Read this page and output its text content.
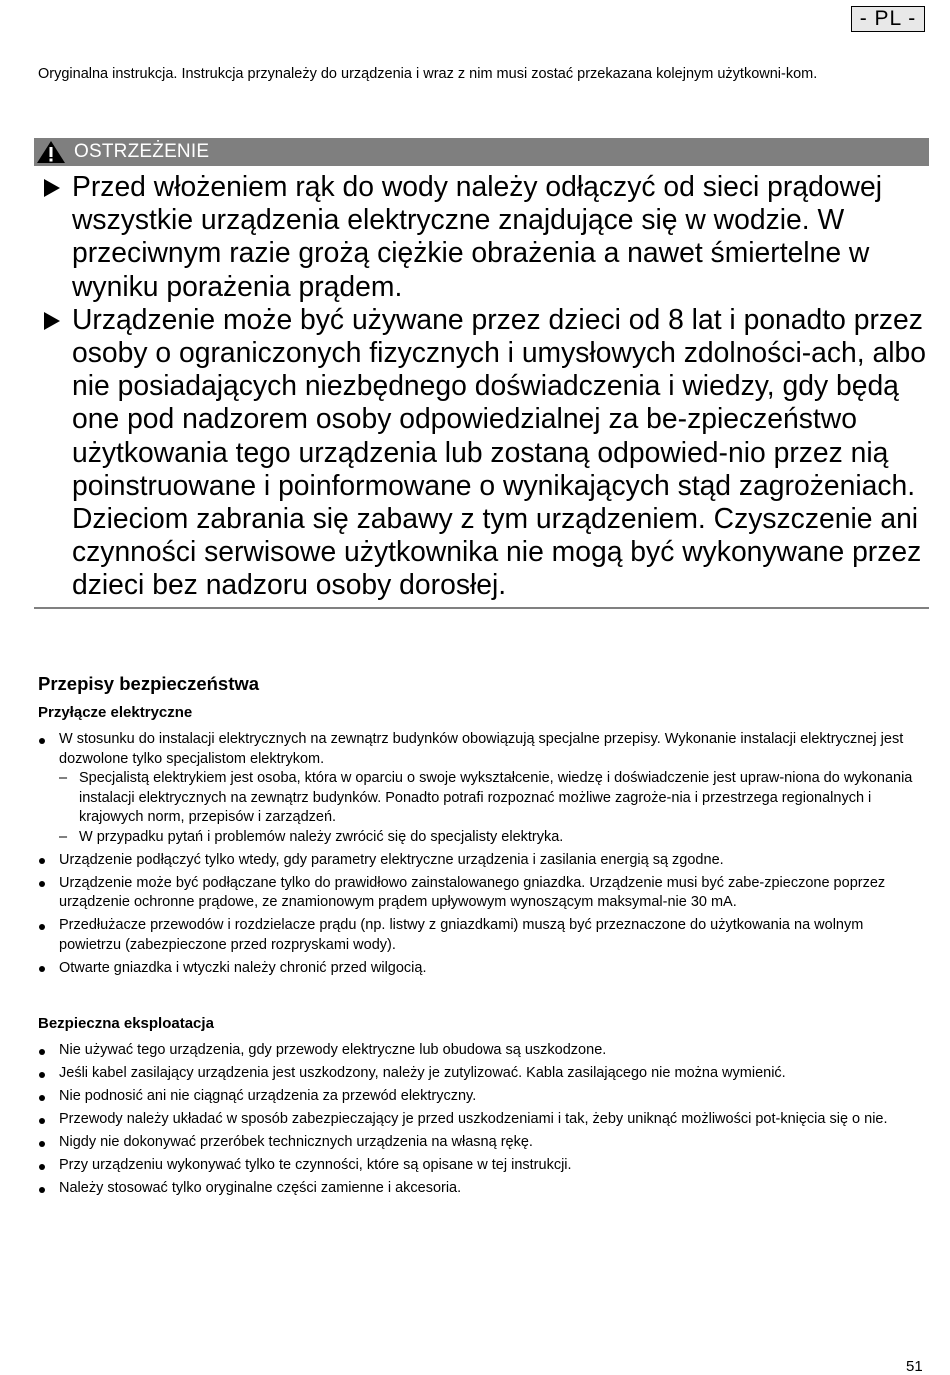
- PL -
Oryginalna instrukcja. Instrukcja przynależy do urządzenia i wraz z nim musi zostać przekazana kolejnym użytkowni-kom.
OSTRZEŻENIE
Przed włożeniem rąk do wody należy odłączyć od sieci prądowej wszystkie urządzenia elektryczne znajdujące się w wodzie. W przeciwnym razie grożą ciężkie obrażenia a nawet śmiertelne w wyniku porażenia prądem.
Urządzenie może być używane przez dzieci od 8 lat i ponadto przez osoby o ograniczonych fizycznych i umysłowych zdolności-ach, albo nie posiadających niezbędnego doświadczenia i wiedzy, gdy będą one pod nadzorem osoby odpowiedzialnej za be-zpieczeństwo użytkowania tego urządzenia lub zostaną odpowied-nio przez nią poinstruowane i poinformowane o wynikających stąd zagrożeniach. Dzieciom zabrania się zabawy z tym urządzeniem. Czyszczenie ani czynności serwisowe użytkownika nie mogą być wykonywane przez dzieci bez nadzoru osoby dorosłej.
Przepisy bezpieczeństwa
Przyłącze elektryczne
W stosunku do instalacji elektrycznych na zewnątrz budynków obowiązują specjalne przepisy. Wykonanie instalacji elektrycznej jest dozwolone tylko specjalistom elektrykom.
– Specjalistą elektrykiem jest osoba, która w oparciu o swoje wykształcenie, wiedzę i doświadczenie jest upraw-niona do wykonania instalacji elektrycznych na zewnątrz budynków. Ponadto potrafi rozpoznać możliwe zagroże-nia i przestrzega regionalnych i krajowych norm, przepisów i zarządzeń.
– W przypadku pytań i problemów należy zwrócić się do specjalisty elektryka.
Urządzenie podłączyć tylko wtedy, gdy parametry elektryczne urządzenia i zasilania energią są zgodne.
Urządzenie może być podłączane tylko do prawidłowo zainstalowanego gniazdka. Urządzenie musi być zabe-zpieczone poprzez urządzenie ochronne prądowe, ze znamionowym prądem upływowym wynoszącym maksymal-nie 30 mA.
Przedłużacze przewodów i rozdzielacze prądu (np. listwy z gniazdkami) muszą być przeznaczone do użytkowania na wolnym powietrzu (zabezpieczone przed rozpryskami wody).
Otwarte gniazdka i wtyczki należy chronić przed wilgocią.
Bezpieczna eksploatacja
Nie używać tego urządzenia, gdy przewody elektryczne lub obudowa są uszkodzone.
Jeśli kabel zasilający urządzenia jest uszkodzony, należy je zutylizować. Kabla zasilającego nie można wymienić.
Nie podnosić ani nie ciągnąć urządzenia za przewód elektryczny.
Przewody należy układać w sposób zabezpieczający je przed uszkodzeniami i tak, żeby uniknąć możliwości pot-knięcia się o nie.
Nigdy nie dokonywać przeróbek technicznych urządzenia na własną rękę.
Przy urządzeniu wykonywać tylko te czynności, które są opisane w tej instrukcji.
Należy stosować tylko oryginalne części zamienne i akcesoria.
51
